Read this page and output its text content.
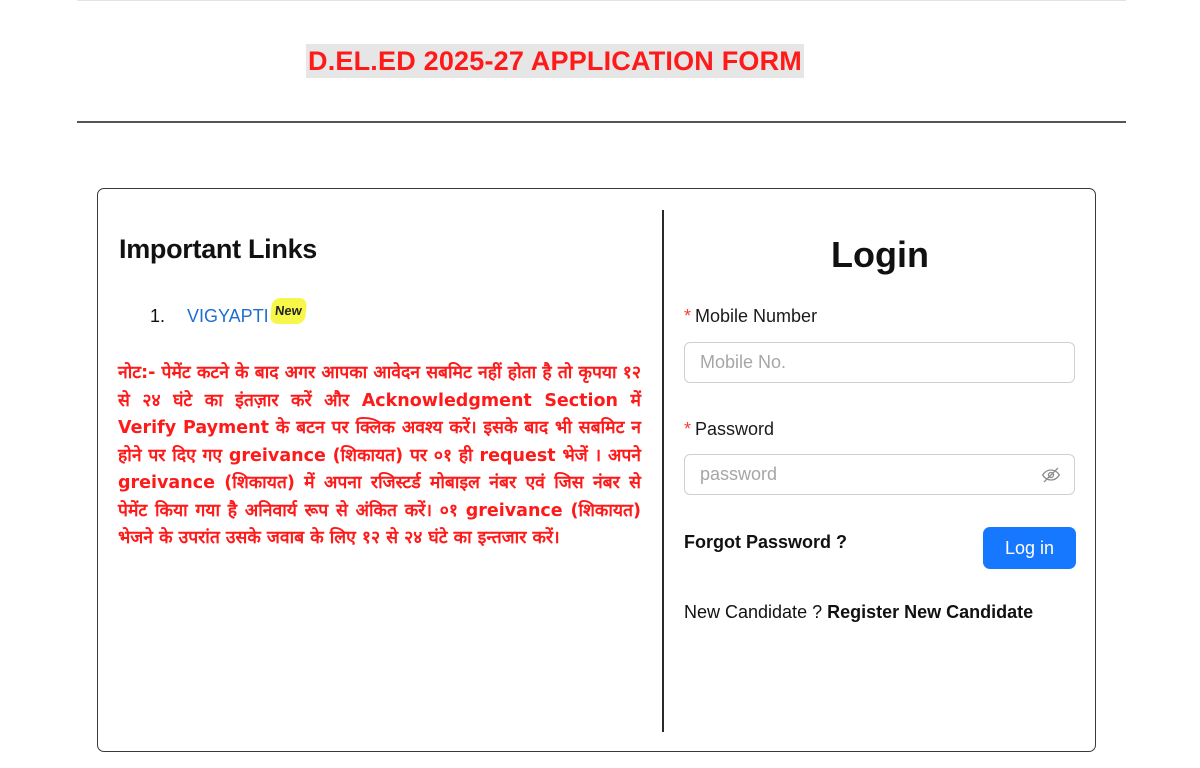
D.EL.ED 2025-27 APPLICATION FORM
Important Links
1.	VIGYAPTI New

नोट:- पेमेंट कटने के बाद अगर आपका आवेदन सबमिट नहीं होता है तो कृपया १२ से २४ घंटे का इंतज़ार करें और Acknowledgment Section में Verify Payment के बटन पर क्लिक अवश्य करें। इसके बाद भी सबमिट न होने पर दिए गए greivance (शिकायत) पर ०१ ही request भेजें । अपने greivance (शिकायत) में अपना रजिस्टर्ड मोबाइल नंबर एवं जिस नंबर से पेमेंट किया गया है अनिवार्य रूप से अंकित करें। ०१ greivance (शिकायत) भेजने के उपरांत उसके जवाब के लिए १२ से २४ घंटे का इन्तजार करें।

Login
* Mobile Number
Mobile No.
* Password
Forgot Password ?	Log in
New Candidate ? Register New Candidate
